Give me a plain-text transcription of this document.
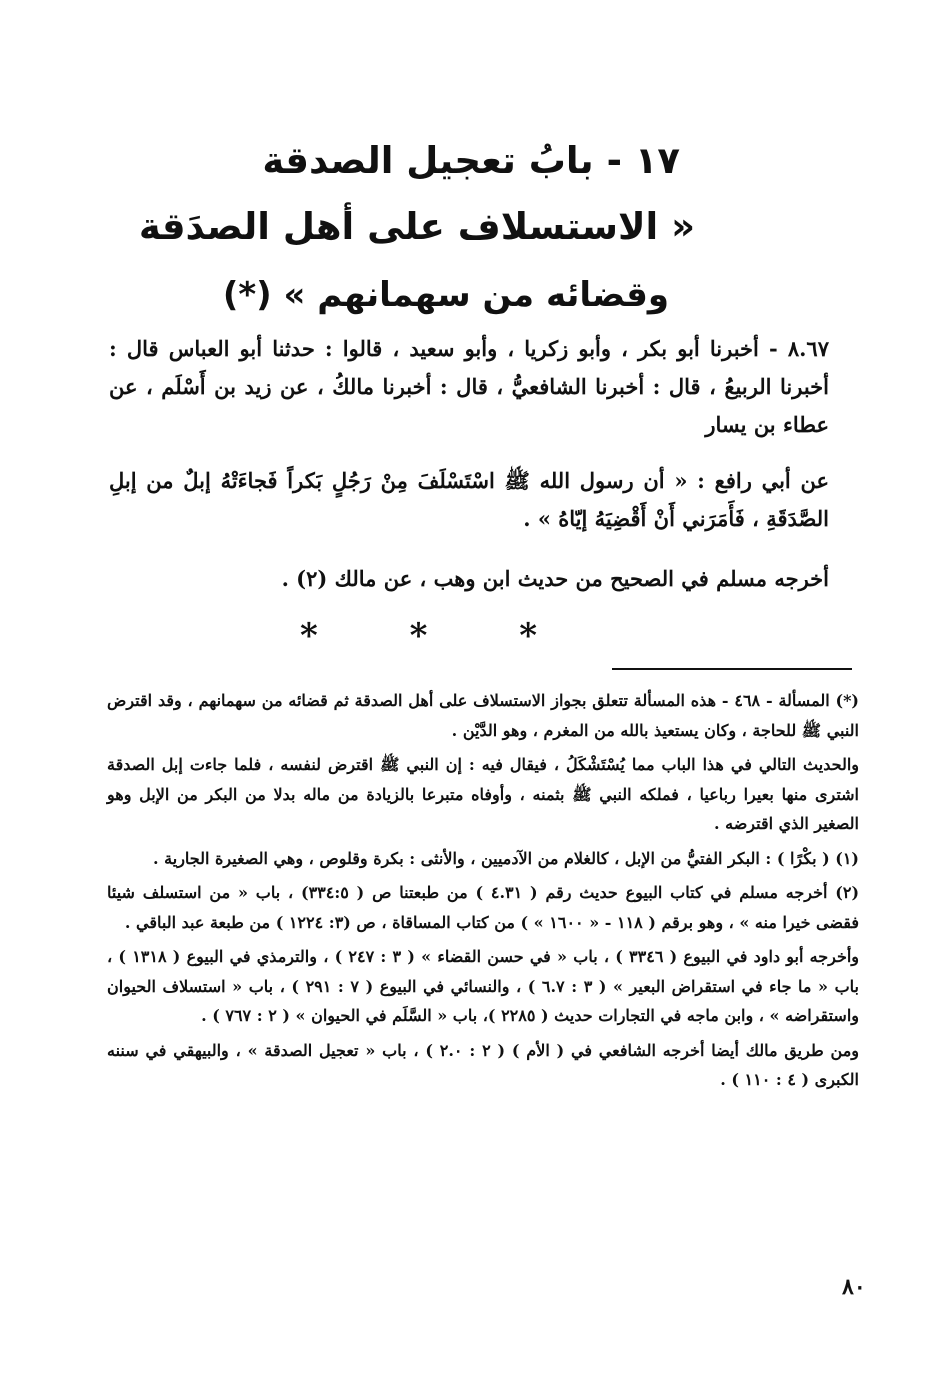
١٧ - بابُ تعجيل الصدقة
« الاستسلاف على أهل الصدَقة
وقضائه من سهمانهم » (*)
٨.٦٧ - أخبرنا أبو بكر ، وأبو زكريا ، وأبو سعيد ، قالوا : حدثنا أبو العباس قال : أخبرنا الربيعُ ، قال : أخبرنا الشافعيُّ ، قال : أخبرنا مالكُ ، عن زيد بن أَسْلَم ، عن عطاء بن يسار
عن أبي رافع : « أن رسول الله ﷺ اسْتَسْلَفَ مِنْ رَجُلٍ بَكراً فَجاءَتْهُ إبلٌ من إبلِ الصَّدَقَةِ ، فَأَمَرَني أَنْ أَقْضِيَهُ إيّاهُ » .
أخرجه مسلم في الصحيح من حديث ابن وهب ، عن مالك (٢) .
* * *

(*) المسألة - ٤٦٨ - هذه المسألة تتعلق بجواز الاستسلاف على أهل الصدقة ثم قضائه من سهمانهم ، وقد اقترض النبي ﷺ للحاجة ، وكان يستعيذ بالله من المغرم ، وهو الدَّيْن .

والحديث التالي في هذا الباب مما يُسْتَشْكَلُ ، فيقال فيه : إن النبي ﷺ اقترض لنفسه ، فلما جاءت إبل الصدقة اشترى منها بعيرا رباعيا ، فملكه النبي ﷺ بثمنه ، وأوفاه متبرعا بالزيادة من ماله بدلا من البكر من الإبل وهو الصغير الذي اقترضه .

(١) ( بكْرًا ) : البكر الفتيُّ من الإبل ، كالغلام من الآدميين ، والأنثى : بكرة وقلوص ، وهي الصغيرة الجارية .

(٢) أخرجه مسلم في كتاب البيوع حديث رقم ( ٤.٣١ ) من طبعتنا ص ( ٣٣٤:٥) ، باب « من استسلف شيئا فقضى خيرا منه » ، وهو برقم ( ١١٨ - « ١٦٠٠ » ) من كتاب المساقاة ، ص (٣: ١٢٢٤ ) من طبعة عبد الباقي .

وأخرجه أبو داود في البيوع ( ٣٣٤٦ ) ، باب « في حسن القضاء » ( ٣ : ٢٤٧ ) ، والترمذي في البيوع ( ١٣١٨ ) ، باب « ما جاء في استقراض البعير » ( ٣ : ٦.٧ ) ، والنسائي في البيوع ( ٧ : ٢٩١ ) ، باب « استسلاف الحيوان واستقراضه » ، وابن ماجه في التجارات حديث ( ٢٢٨٥ )، باب « السَّلَم في الحيوان » ( ٢ : ٧٦٧ ) .

ومن طريق مالك أيضا أخرجه الشافعي في ( الأم ) ( ٢ : ٢.٠ ) ، باب « تعجيل الصدقة » ، والبيهقي في سننه الكبرى ( ٤ : ١١٠ ) .

٨٠
